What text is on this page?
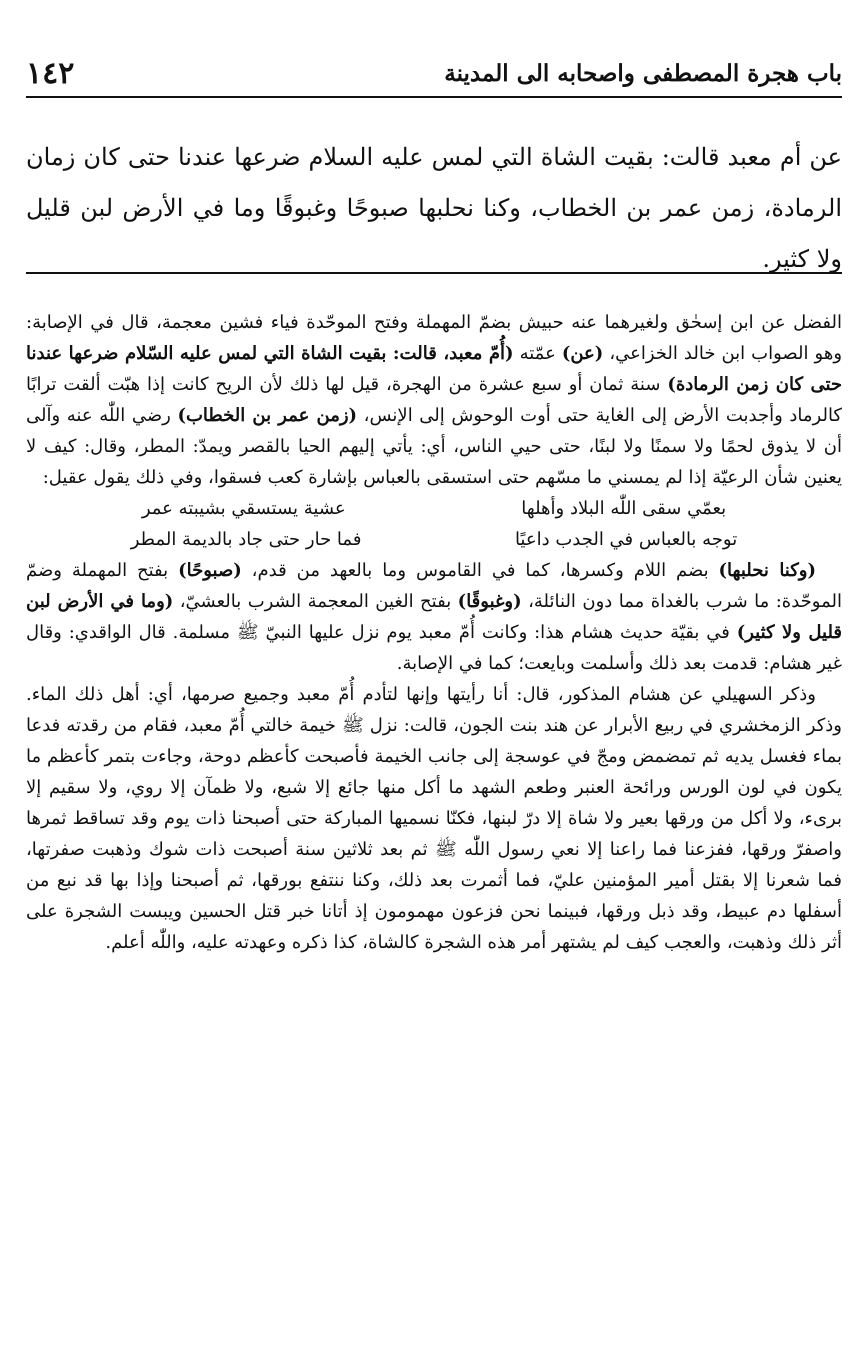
باب هجرة المصطفى واصحابه الى المدينة
١٤٢
عن أم معبد قالت: بقيت الشاة التي لمس عليه السلام ضرعها عندنا حتى كان زمان الرمادة، زمن عمر بن الخطاب، وكنا نحلبها صبوحًا وغبوقًا وما في الأرض لبن قليل ولا كثير.

الفضل عن ابن إسحٰق ولغيرهما عنه حبيش بضمّ المهملة وفتح الموحّدة فياء فشين معجمة، قال في الإصابة: وهو الصواب ابن خالد الخزاعي، (عن) عمّته (أُمّ معبد، قالت: بقيت الشاة التي لمس عليه السّلام ضرعها عندنا حتى كان زمن الرمادة) سنة ثمان أو سبع عشرة من الهجرة، قيل لها ذلك لأن الريح كانت إذا هبّت ألقت ترابًا كالرماد وأجدبت الأرض إلى الغاية حتى أوت الوحوش إلى الإنس، (زمن عمر بن الخطاب) رضي اللّٰه عنه وآلى أن لا يذوق لحمًا ولا سمنًا ولا لبنًا، حتى حيي الناس، أي: يأتي إليهم الحيا بالقصر ويمدّ: المطر، وقال: كيف لا يعنين شأن الرعيّة إذا لم يمسني ما مسّهم حتى استسقى بالعباس بإشارة كعب فسقوا، وفي ذلك يقول عقيل:

بعمّي سقى اللّٰه البلاد وأهلها
عشية يستسقي بشيبته عمر
توجه بالعباس في الجدب داعيًا
فما حار حتى جاد بالديمة المطر

(وكنا نحلبها) بضم اللام وكسرها، كما في القاموس وما بالعهد من قدم، (صبوحًا) بفتح المهملة وضمّ الموحّدة: ما شرب بالغداة مما دون النائلة، (وغبوقًا) بفتح الغين المعجمة الشرب بالعشيّ، (وما في الأرض لبن قليل ولا كثير) في بقيّة حديث هشام هذا: وكانت أُمّ معبد يوم نزل عليها النبيّ ﷺ مسلمة. قال الواقدي: وقال غير هشام: قدمت بعد ذلك وأسلمت وبايعت؛ كما في الإصابة.

وذكر السهيلي عن هشام المذكور، قال: أنا رأيتها وإنها لتأدم أُمّ معبد وجميع صرمها، أي: أهل ذلك الماء. وذكر الزمخشري في ربيع الأبرار عن هند بنت الجون، قالت: نزل ﷺ خيمة خالتي أُمّ معبد، فقام من رقدته فدعا بماء فغسل يديه ثم تمضمض ومجّ في عوسجة إلى جانب الخيمة فأصبحت كأعظم دوحة، وجاءت بتمر كأعظم ما يكون في لون الورس ورائحة العنبر وطعم الشهد ما أكل منها جائع إلا شبع، ولا ظمآن إلا روي، ولا سقيم إلا برىء، ولا أكل من ورقها بعير ولا شاة إلا درّ لبنها، فكنّا نسميها المباركة حتى أصبحنا ذات يوم وقد تساقط ثمرها واصفرّ ورقها، ففزعنا فما راعنا إلا نعي رسول اللّٰه ﷺ ثم بعد ثلاثين سنة أصبحت ذات شوك وذهبت صفرتها، فما شعرنا إلا بقتل أمير المؤمنين عليّ، فما أثمرت بعد ذلك، وكنا ننتفع بورقها، ثم أصبحنا وإذا بها قد نبع من أسفلها دم عبيط، وقد ذبل ورقها، فبينما نحن فزعون مهمومون إذ أتانا خبر قتل الحسين ويبست الشجرة على أثر ذلك وذهبت، والعجب كيف لم يشتهر أمر هذه الشجرة كالشاة، كذا ذكره وعهدته عليه، واللّٰه أعلم.
